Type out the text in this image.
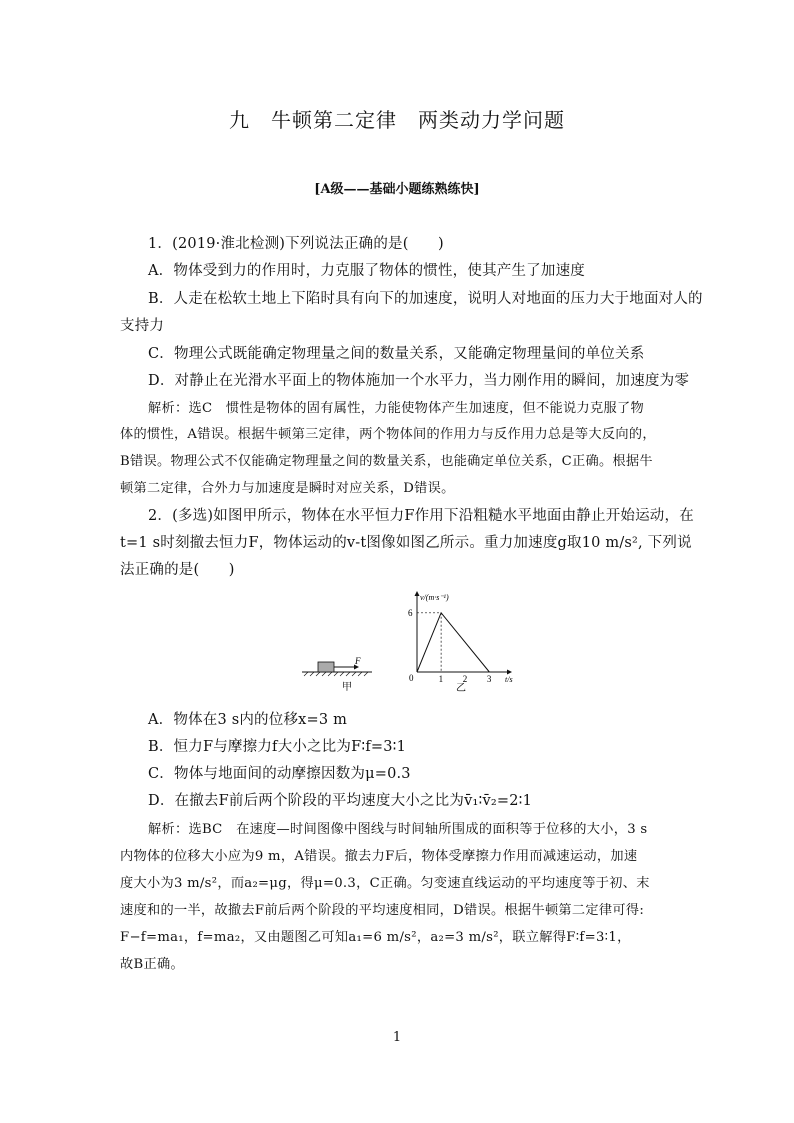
九　牛顿第二定律　两类动力学问题
[A级——基础小题练熟练快]
1．(2019·淮北检测)下列说法正确的是(　　)
A．物体受到力的作用时，力克服了物体的惯性，使其产生了加速度
B．人走在松软土地上下陷时具有向下的加速度，说明人对地面的压力大于地面对人的
支持力
C．物理公式既能确定物理量之间的数量关系，又能确定物理量间的单位关系
D．对静止在光滑水平面上的物体施加一个水平力，当力刚作用的瞬间，加速度为零
解析：选C　惯性是物体的固有属性，力能使物体产生加速度，但不能说力克服了物
体的惯性，A错误。根据牛顿第三定律，两个物体间的作用力与反作用力总是等大反向的，
B错误。物理公式不仅能确定物理量之间的数量关系，也能确定单位关系，C正确。根据牛
顿第二定律，合外力与加速度是瞬时对应关系，D错误。
2．(多选)如图甲所示，物体在水平恒力F作用下沿粗糙水平地面由静止开始运动，在
t=1 s时刻撤去恒力F，物体运动的v-t图像如图乙所示。重力加速度g取10 m/s², 下列说
法正确的是(　　)
F
甲
v/(m·s⁻¹)
t/s
0
6
1 2 3
乙
A．物体在3 s内的位移x=3 m
B．恒力F与摩擦力f大小之比为F∶f=3∶1
C．物体与地面间的动摩擦因数为μ=0.3
D．在撤去F前后两个阶段的平均速度大小之比为v̄₁∶v̄₂=2∶1
解析：选BC　在速度—时间图像中图线与时间轴所围成的面积等于位移的大小，3 s
内物体的位移大小应为9 m，A错误。撤去力F后，物体受摩擦力作用而减速运动，加速
度大小为3 m/s²，而a₂=μg，得μ=0.3，C正确。匀变速直线运动的平均速度等于初、末
速度和的一半，故撤去F前后两个阶段的平均速度相同，D错误。根据牛顿第二定律可得:
F−f=ma₁，f=ma₂，又由题图乙可知a₁=6 m/s²，a₂=3 m/s²，联立解得F∶f=3∶1，
故B正确。
1
